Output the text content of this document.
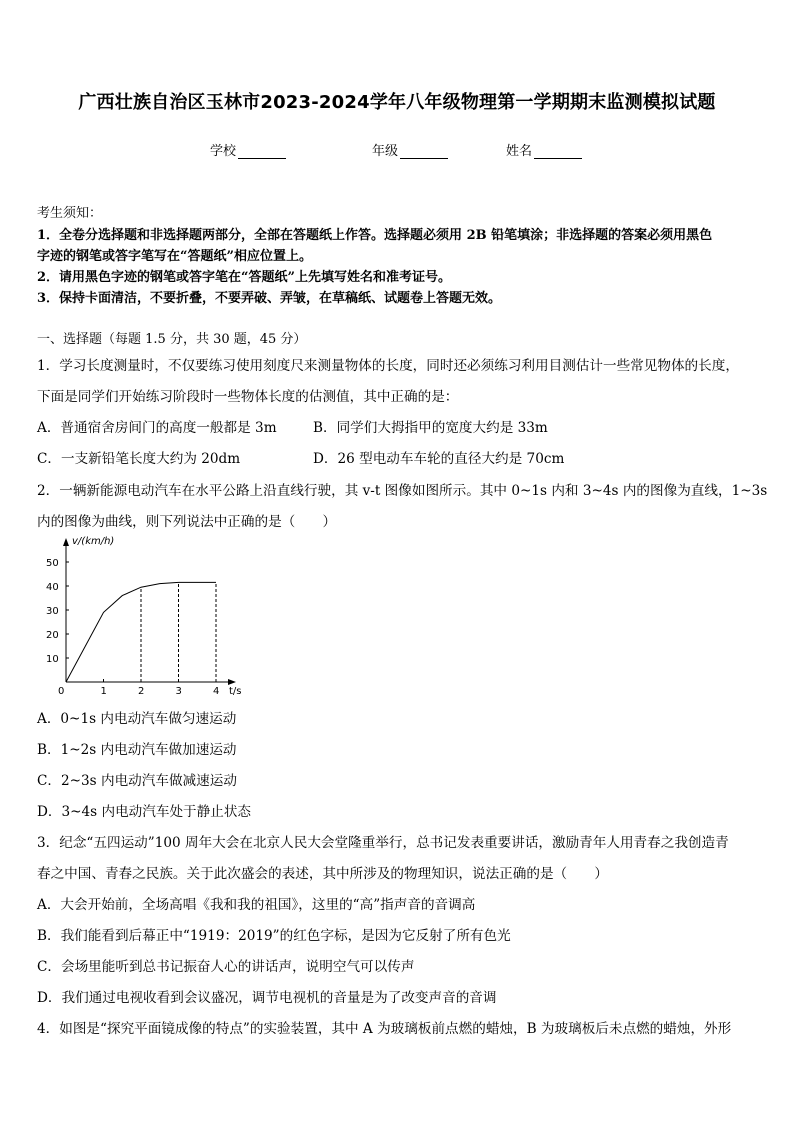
广西壮族自治区玉林市2023-2024学年八年级物理第一学期期末监测模拟试题
学校	年级	姓名
考生须知：
1．全卷分选择题和非选择题两部分，全部在答题纸上作答。选择题必须用 2B 铅笔填涂；非选择题的答案必须用黑色
字迹的钢笔或答字笔写在“答题纸”相应位置上。
2．请用黑色字迹的钢笔或答字笔在“答题纸”上先填写姓名和准考证号。
3．保持卡面清洁，不要折叠，不要弄破、弄皱，在草稿纸、试题卷上答题无效。
一、选择题（每题 1.5 分，共 30 题，45 分）
1．学习长度测量时，不仅要练习使用刻度尺来测量物体的长度，同时还必须练习利用目测估计一些常见物体的长度，
下面是同学们开始练习阶段时一些物体长度的估测值，其中正确的是：
A．普通宿舍房间门的高度一般都是 3m	B．同学们大拇指甲的宽度大约是 33m
C．一支新铅笔长度大约为 20dm	D．26 型电动车车轮的直径大约是 70cm
2．一辆新能源电动汽车在水平公路上沿直线行驶，其 v-t 图像如图所示。其中 0~1s 内和 3~4s 内的图像为直线，1~3s
内的图像为曲线，则下列说法中正确的是（　　）
v/(km/h)
t/s
0	1	2	3	4
10
20
30
40
50
A．0~1s 内电动汽车做匀速运动
B．1~2s 内电动汽车做加速运动
C．2~3s 内电动汽车做减速运动
D．3~4s 内电动汽车处于静止状态
3．纪念“五四运动”100 周年大会在北京人民大会堂隆重举行，总书记发表重要讲话，激励青年人用青春之我创造青
春之中国、青春之民族。关于此次盛会的表述，其中所涉及的物理知识，说法正确的是（　　）
A．大会开始前，全场高唱《我和我的祖国》，这里的“高”指声音的音调高
B．我们能看到后幕正中“1919：2019”的红色字标，是因为它反射了所有色光
C．会场里能听到总书记振奋人心的讲话声，说明空气可以传声
D．我们通过电视收看到会议盛况，调节电视机的音量是为了改变声音的音调
4．如图是“探究平面镜成像的特点”的实验装置，其中 A 为玻璃板前点燃的蜡烛，B 为玻璃板后未点燃的蜡烛，外形
